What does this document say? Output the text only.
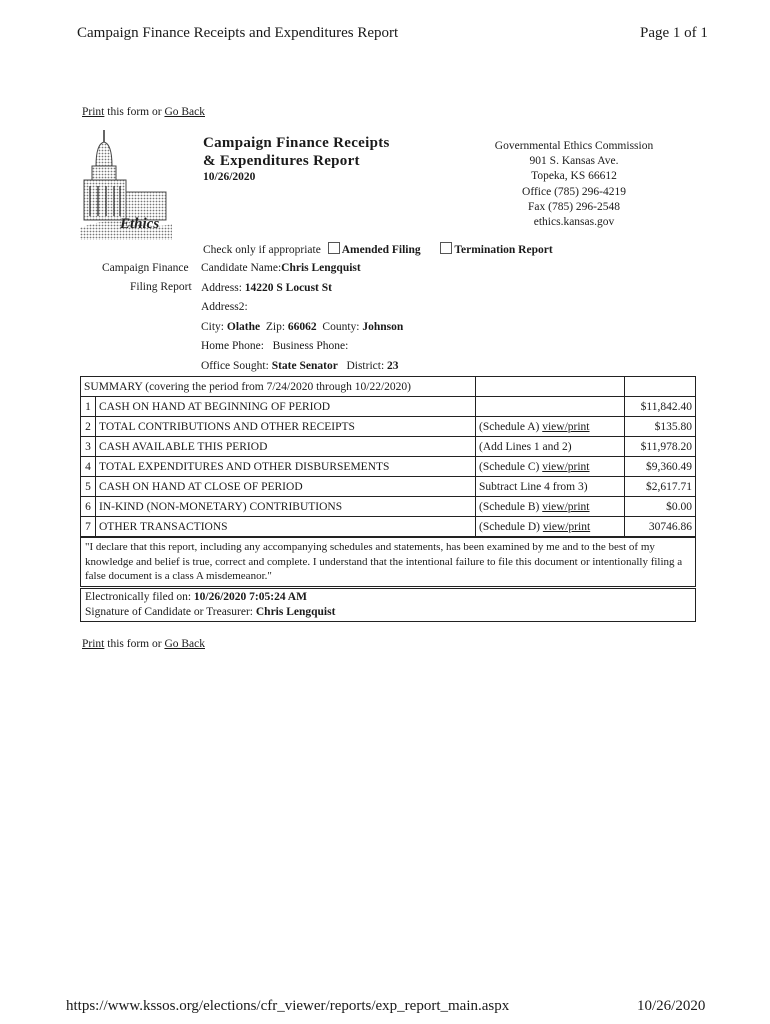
Campaign Finance Receipts and Expenditures Report	Page 1 of 1
Print this form or Go Back
Ethics
Campaign Finance Receipts
& Expenditures Report
10/26/2020
Governmental Ethics Commission
901 S. Kansas Ave.
Topeka, KS 66612
Office (785) 296-4219
Fax (785) 296-2548
ethics.kansas.gov
Check only if appropriate Amended Filing	Termination Report
Campaign Finance
Filing Report
Candidate Name:Chris Lengquist
Address: 14220 S Locust St
Address2:
City: Olathe Zip: 66062 County: Johnson
Home Phone: Business Phone:
Office Sought: State Senator District: 23
SUMMARY (covering the period from 7/24/2020 through 10/22/2020)			
1	CASH ON HAND AT BEGINNING OF PERIOD		$11,842.40
2	TOTAL CONTRIBUTIONS AND OTHER RECEIPTS	(Schedule A) view/print	$135.80
3	CASH AVAILABLE THIS PERIOD	(Add Lines 1 and 2)	$11,978.20
4	TOTAL EXPENDITURES AND OTHER DISBURSEMENTS	(Schedule C) view/print	$9,360.49
5	CASH ON HAND AT CLOSE OF PERIOD	Subtract Line 4 from 3)	$2,617.71
6	IN-KIND (NON-MONETARY) CONTRIBUTIONS	(Schedule B) view/print	$0.00
7	OTHER TRANSACTIONS	(Schedule D) view/print	30746.86
"I declare that this report, including any accompanying schedules and statements, has been examined by me and to the best of my knowledge and belief is true, correct and complete. I understand that the intentional failure to file this document or intentionally filing a false document is a class A misdemeanor."
Electronically filed on: 10/26/2020 7:05:24 AM
Signature of Candidate or Treasurer: Chris Lengquist
Print this form or Go Back
https://www.kssos.org/elections/cfr_viewer/reports/exp_report_main.aspx	10/26/2020
